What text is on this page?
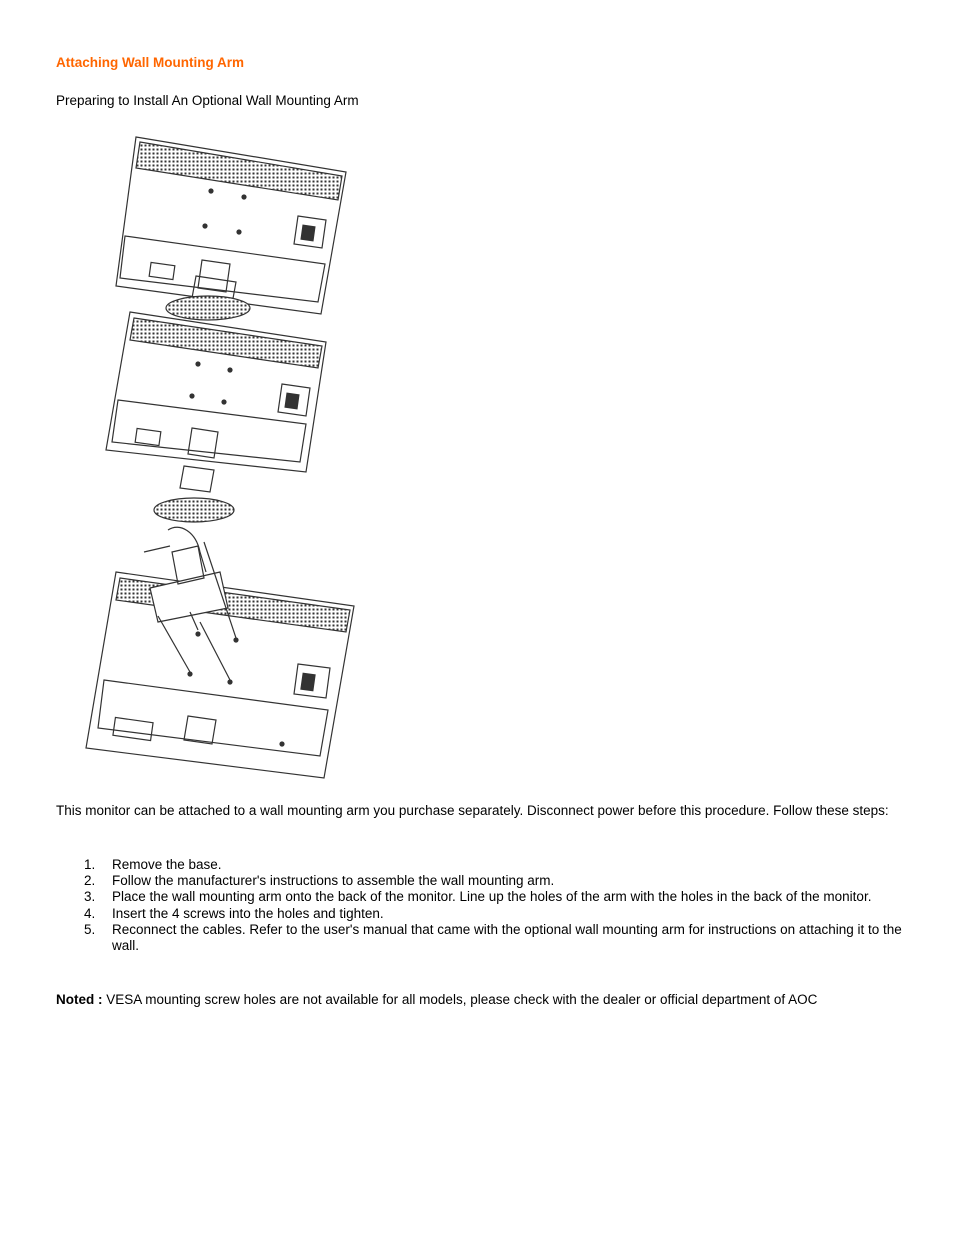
Attaching Wall Mounting Arm

Preparing to Install An Optional Wall Mounting Arm

This monitor can be attached to a wall mounting arm you purchase separately. Disconnect power before this procedure. Follow these steps:

1. Remove the base.
2. Follow the manufacturer's instructions to assemble the wall mounting arm.
3. Place the wall mounting arm onto the back of the monitor. Line up the holes of the arm with the holes in the back of the monitor.
4. Insert the 4 screws into the holes and tighten.
5. Reconnect the cables. Refer to the user's manual that came with the optional wall mounting arm for instructions on attaching it to the wall.

Noted : VESA mounting screw holes are not available for all models, please check with the dealer or official department of AOC
